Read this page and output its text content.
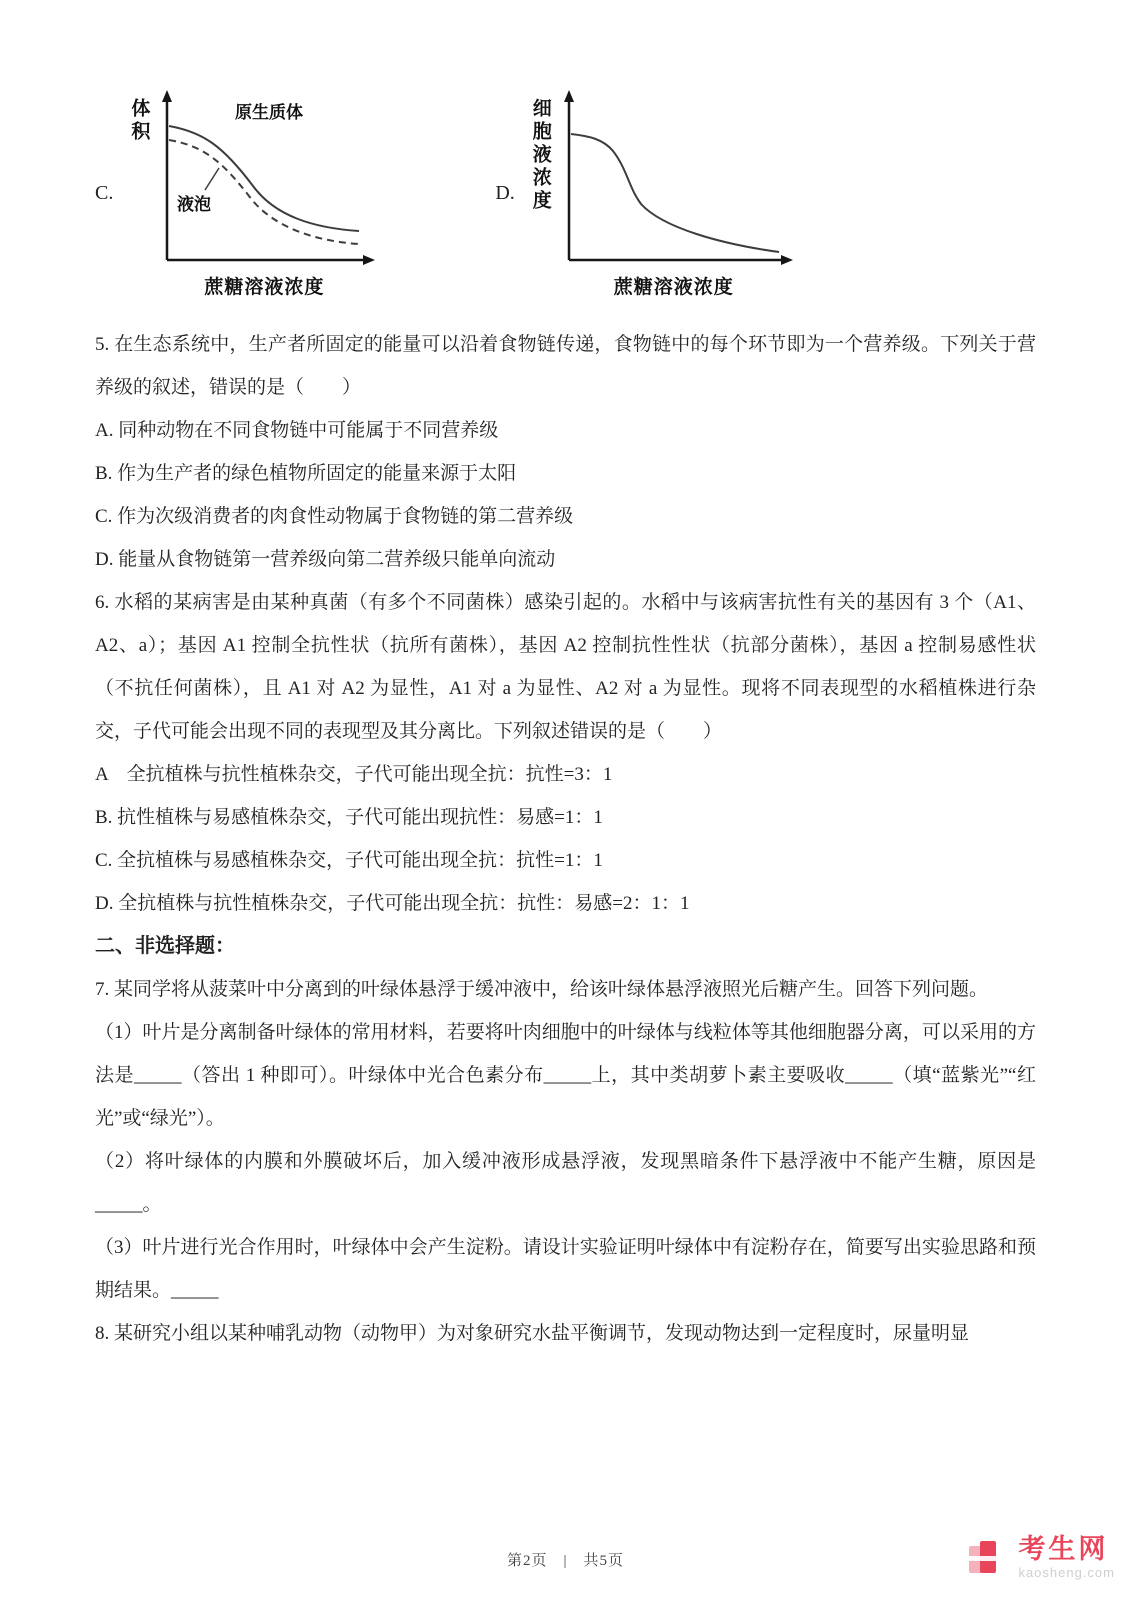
C.
体积	原生质体
液泡
蔗糖溶液浓度
D. 细胞液浓度
蔗糖溶液浓度

5. 在生态系统中，生产者所固定的能量可以沿着食物链传递，食物链中的每个环节即为一个营养级。下列关于营养级的叙述，错误的是（　　）

A. 同种动物在不同食物链中可能属于不同营养级

B. 作为生产者的绿色植物所固定的能量来源于太阳

C. 作为次级消费者的肉食性动物属于食物链的第二营养级

D. 能量从食物链第一营养级向第二营养级只能单向流动

6. 水稻的某病害是由某种真菌（有多个不同菌株）感染引起的。水稻中与该病害抗性有关的基因有 3 个（A1、A2、a）；基因 A1 控制全抗性状（抗所有菌株），基因 A2 控制抗性性状（抗部分菌株），基因 a 控制易感性状（不抗任何菌株），且 A1 对 A2 为显性，A1 对 a 为显性、A2 对 a 为显性。现将不同表现型的水稻植株进行杂交，子代可能会出现不同的表现型及其分离比。下列叙述错误的是（　　）

A　全抗植株与抗性植株杂交，子代可能出现全抗：抗性=3：1

B. 抗性植株与易感植株杂交，子代可能出现抗性：易感=1：1

C. 全抗植株与易感植株杂交，子代可能出现全抗：抗性=1：1

D. 全抗植株与抗性植株杂交，子代可能出现全抗：抗性：易感=2：1：1

二、非选择题：

7. 某同学将从菠菜叶中分离到的叶绿体悬浮于缓冲液中，给该叶绿体悬浮液照光后糖产生。回答下列问题。

（1）叶片是分离制备叶绿体的常用材料，若要将叶肉细胞中的叶绿体与线粒体等其他细胞器分离，可以采用的方法是_____（答出 1 种即可）。叶绿体中光合色素分布_____上，其中类胡萝卜素主要吸收_____（填“蓝紫光”“红光”或“绿光”）。

（2）将叶绿体的内膜和外膜破坏后，加入缓冲液形成悬浮液，发现黑暗条件下悬浮液中不能产生糖，原因是_____。

（3）叶片进行光合作用时，叶绿体中会产生淀粉。请设计实验证明叶绿体中有淀粉存在，简要写出实验思路和预期结果。_____

8. 某研究小组以某种哺乳动物（动物甲）为对象研究水盐平衡调节，发现动物达到一定程度时，尿量明显

第2页　|　共5页	考生网
kaosheng.com
